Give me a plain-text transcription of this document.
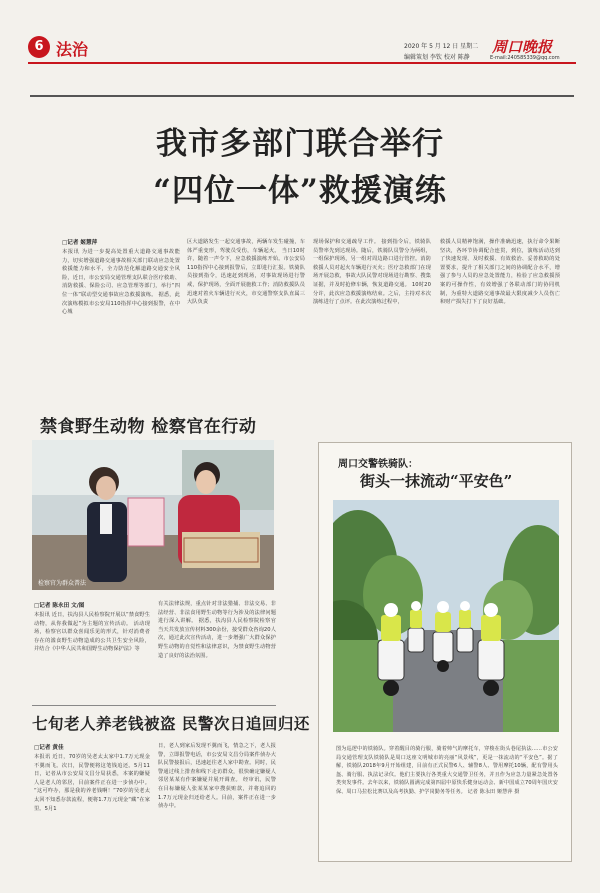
6 法治	2020 年 5 月 12 日 星期二
编辑策划 李钦 校对 陈静
周口晚报
E-mail:240585339@qq.com
我市多部门联合举行
“四位一体”救援演练
□记者 姬慧萍
本报讯 为进一步提高处置重大道路交通事故能力，切实增强道路交通事故相关部门联动应急处置救援能力和水平，全力防范化解道路交通安全风险，近日，市公安局交通管理支队联合医疗救助、消防救援、保险公司、应急管理等部门，举行“四位一体”联动型交通事故应急救援演练。 据悉，此次演练模拟市公安局110指挥中心接到报警，在中心城
区大道路发生一起交通事故，两辆车发生碰撞，车体严重变形，驾驶员受伤，车辆起火。 当日10时许，随着一声令下，应急救援演练开始。市公安局110指挥中心接到报警后，立即进行汇报。铁骑队员接到指令，迅速赶到现场，对事故现场进行警戒，保护现场，全面开展施救工作；消防救援队员迅速对着火车辆进行灭火，市交通警察支队直属三大队负责
现场保护和交通疏导工作。 接到指令后，铁骑队员警率先到达现场。随后，铁骑队员警分为两组，一组保护现场，另一组对周边路口进行管控。消防救援人员对起火车辆进行灭火；医疗急救部门在现场开展急救，事故大队民警对现场进行勘察、搜集证据，并及时抢修车辆，恢复道路交通。 10时20分许，此次应急救援演练结束。之后，主持对本次演练进行了点评。在此次演练过程中，
救援人员精神饱满，操作准确迅速，执行命令果断坚决，各环节协调配合连贯，到位，演练活动达到了快速发现、及时救援、有效救治、妥善救助的处置要求，提升了相关部门之间的协调配合水平，增强了参与人员的应急处置能力，检验了应急救援预案的可操作性，有效增强了各联动部门的协同机制，为重特大道路交通事故最大限度减少人员伤亡和财产损失打下了良好基础。
禁食野生动物 检察官在行动
检察官为群众普法
□记者 陈永田 文/图
本报讯 近日，扶沟县人民检察院开展以“禁食野生动物，从你我做起”为主题的宣传活动。 活动现场，检察官以群众喜闻乐见的形式，针对消费者存在的滥食野生动物造成的公共卫生安全风险，并结合《中华人民共和国野生动物保护法》等
有关法律法规，重点针对非法猎捕、非法交易、非法经营、非法食用野生动物等行为涉及的法律问题进行深入讲解。 据悉，扶沟县人民检察院检察官当天共发放宣传材料300余份，接受群众咨询20人次，通过此次宣传活动，进一步增强广大群众保护野生动物的自觉性和法律意识，为禁食野生动物营造了良好的法治氛围。
七旬老人养老钱被盗 民警次日追回归还
□记者 黄佳
本报讯 近日，70岁的吴老太太家中1.7万元现金不翼而飞。次日，民警便将这笔钱追还。5月11日，记者从市公安局文昌分局获悉，本案的嫌疑人是老人的邻居，目前案件正在进一步侦办中。 “这可咋办，那是我的养老钱啊！”70岁的吴老太太回不知悉存款流程，便将1.7万元现金“藏”在家里。5月1
日，老人到家后发现不翼而飞，情急之下，老人报警，立即报警电话，市公安局文昌分局案件侦办大队民警接报后，迅速赶往老人家中勘查。同时，民警通过线上排查和线下走访群众，很快确定嫌疑人邻居某某有作案嫌疑并展开调查。 经审讯，民警在目标嫌疑人张某某家中搜获赃款，并将追回的1.7万元现金归还给老人。目前，案件正在进一步侦办中。
周口交警铁骑队：
街头一抹流动“平安色”
图为巡逻中的铁骑队。穿着醒目的骑行服，骑着帅气的摩托车，穿梭在街头巷尾执法……市公安局交通管理支队铁骑队是周口这座文明城市的亮丽“风景线”，更是一抹流动的“平安色”。据了解，铁骑队2018年9月开始组建，目前有正式民警6人、辅警8人、警用摩托10辆，配有警用头盔、骑行服、执法记录仪。他们主要执行各类重大交通警卫任务，并且作为应急力量紧急处置各类突发事件。去年以来，铁骑队圆满完成第四届中原快乐健身运动会、新中国成立70周年国庆安保、周口马拉松比赛以及高考执勤、护学岗勤务等任务。 记者 陈永田 姬慧萍 摄
